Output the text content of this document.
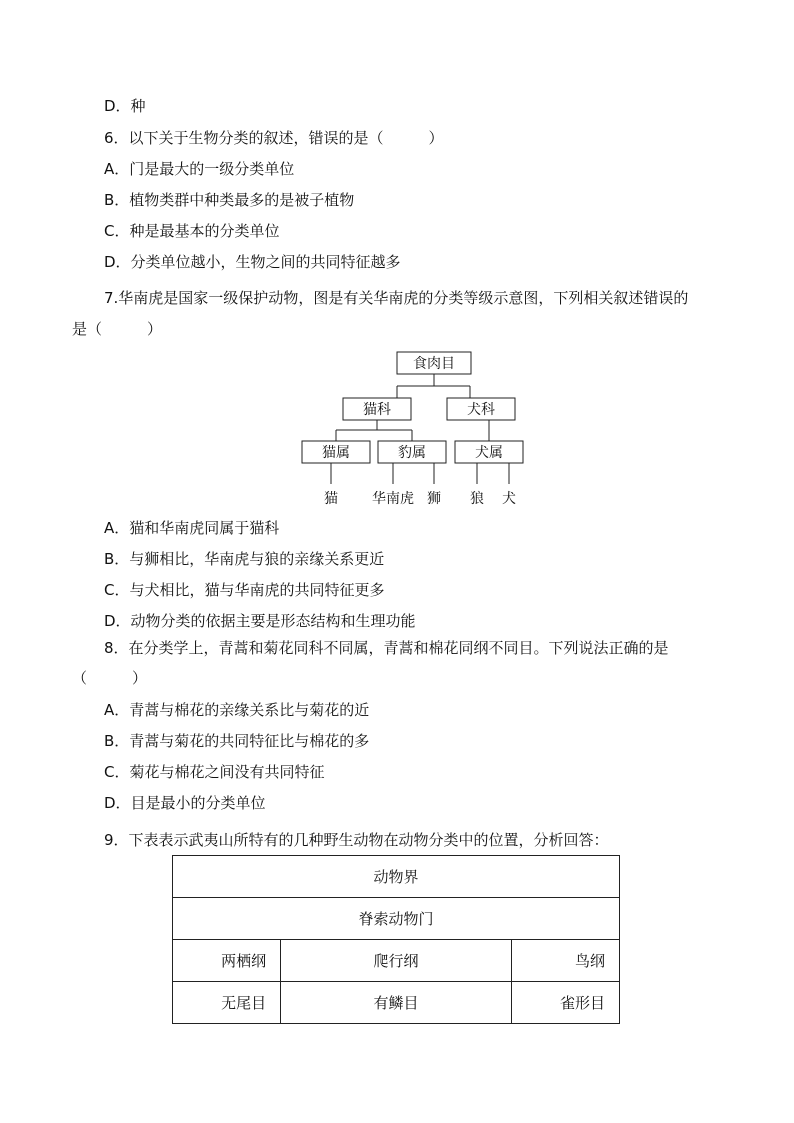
D．种
6．以下关于生物分类的叙述，错误的是（　　　）
A．门是最大的一级分类单位
B．植物类群中种类最多的是被子植物
C．种是最基本的分类单位
D．分类单位越小，生物之间的共同特征越多
7.华南虎是国家一级保护动物，图是有关华南虎的分类等级示意图，下列相关叙述错误的
是（　　　）
食肉目
猫科	犬科
猫属	豹属	犬属
猫 华南虎 狮 狼 犬
A．猫和华南虎同属于猫科
B．与狮相比，华南虎与狼的亲缘关系更近
C．与犬相比，猫与华南虎的共同特征更多
D．动物分类的依据主要是形态结构和生理功能
8．在分类学上，青蒿和菊花同科不同属，青蒿和棉花同纲不同目。下列说法正确的是
（　　　）
A．青蒿与棉花的亲缘关系比与菊花的近
B．青蒿与菊花的共同特征比与棉花的多
C．菊花与棉花之间没有共同特征
D．目是最小的分类单位
9．下表表示武夷山所特有的几种野生动物在动物分类中的位置，分析回答：
动物界		
脊索动物门		
两栖纲	爬行纲	鸟纲
无尾目	有鳞目	雀形目
